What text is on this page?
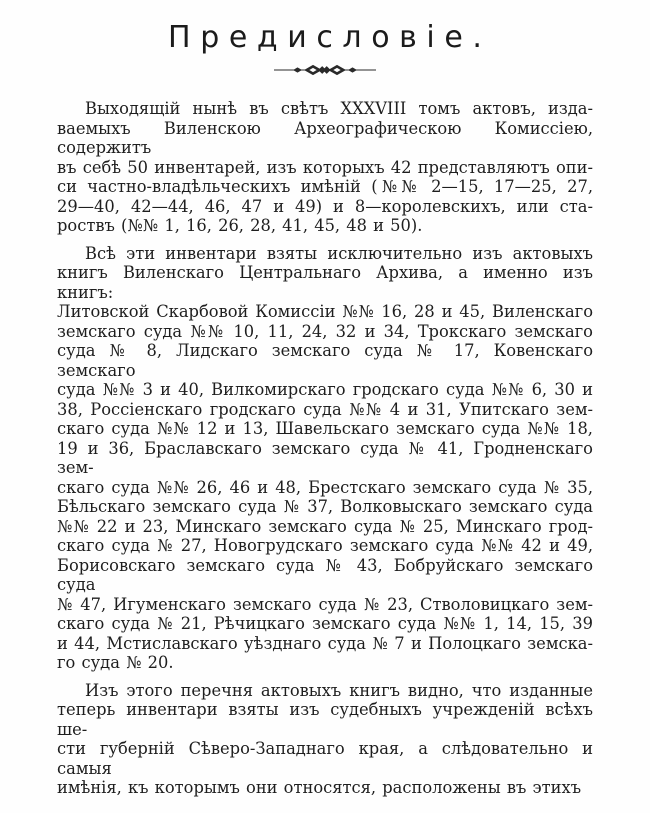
Предисловіе.

Выходящій нынѣ въ свѣтъ XXXVIII томъ актовъ, изда-
ваемыхъ Виленскою Археографическою Комиссіею, содержитъ
въ себѣ 50 инвентарей, изъ которыхъ 42 представляютъ опи-
си частно-владѣльческихъ имѣній (№№ 2—15, 17—25, 27,
29—40, 42—44, 46, 47 и 49) и 8—королевскихъ, или ста-
роствъ (№№ 1, 16, 26, 28, 41, 45, 48 и 50).

Всѣ эти инвентари взяты исключительно изъ актовыхъ
книгъ Виленскаго Центральнаго Архива, а именно изъ книгъ:
Литовской Скарбовой Комиссіи №№ 16, 28 и 45, Виленскаго
земскаго суда №№ 10, 11, 24, 32 и 34, Трокскаго земскаго
суда № 8, Лидскаго земскаго суда № 17, Ковенскаго земскаго
суда №№ 3 и 40, Вилкомирскаго гродскаго суда №№ 6, 30 и
38, Россіенскаго гродскаго суда №№ 4 и 31, Упитскаго зем-
скаго суда №№ 12 и 13, Шавельскаго земскаго суда №№ 18,
19 и 36, Браславскаго земскаго суда № 41, Гродненскаго зем-
скаго суда №№ 26, 46 и 48, Брестскаго земскаго суда № 35,
Бѣльскаго земскаго суда № 37, Волковыскаго земскаго суда
№№ 22 и 23, Минскаго земскаго суда № 25, Минскаго грод-
скаго суда № 27, Новогрудскаго земскаго суда №№ 42 и 49,
Борисовскаго земскаго суда № 43, Бобруйскаго земскаго суда
№ 47, Игуменскаго земскаго суда № 23, Стволовицкаго зем-
скаго суда № 21, Рѣчицкаго земскаго суда №№ 1, 14, 15, 39
и 44, Мстиславскаго уѣзднаго суда № 7 и Полоцкаго земска-
го суда № 20.

Изъ этого перечня актовыхъ книгъ видно, что изданные
теперь инвентари взяты изъ судебныхъ учрежденій всѣхъ ше-
сти губерній Сѣверо-Западнаго края, а слѣдовательно и самыя
имѣнія, къ которымъ они относятся, расположены въ этихъ
